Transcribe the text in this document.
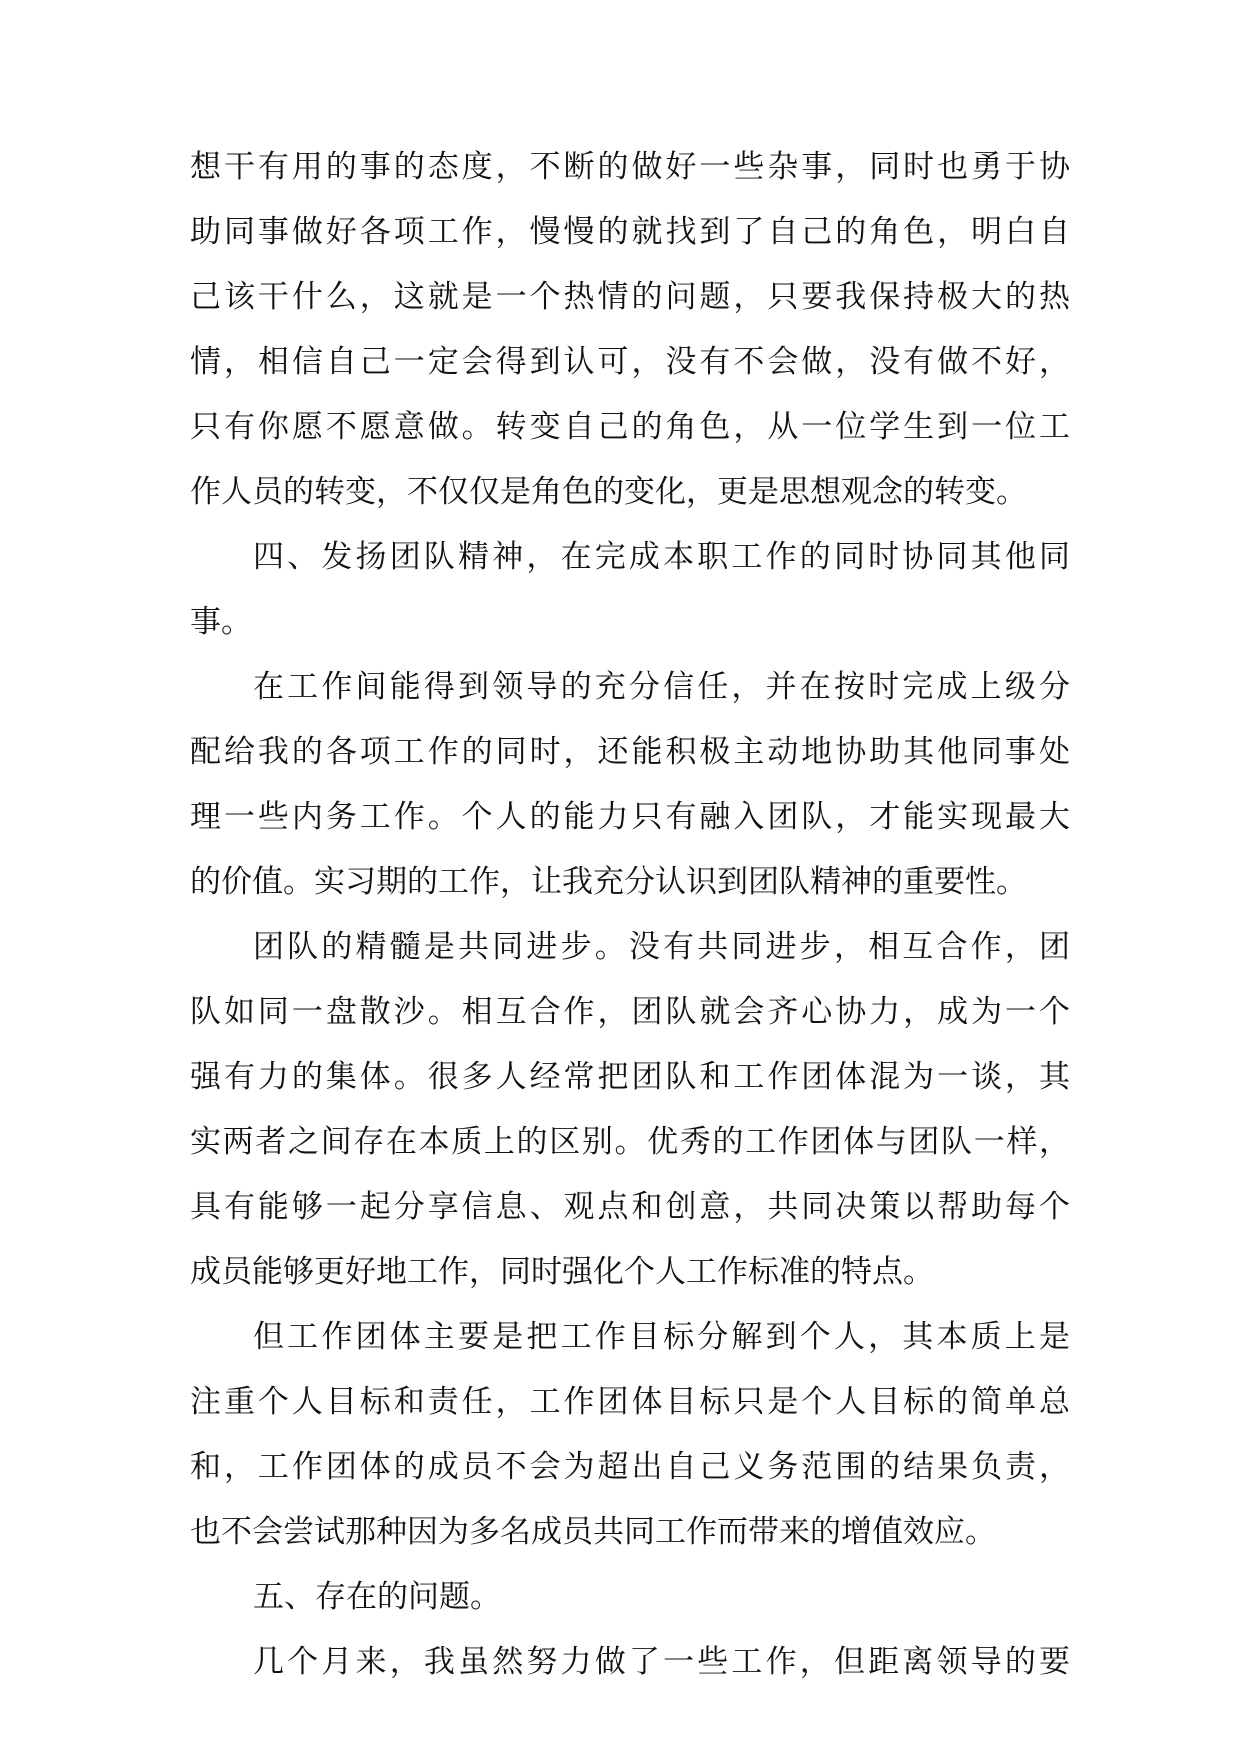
想干有用的事的态度，不断的做好一些杂事，同时也勇于协

助同事做好各项工作，慢慢的就找到了自己的角色，明白自

己该干什么，这就是一个热情的问题，只要我保持极大的热

情，相信自己一定会得到认可，没有不会做，没有做不好，

只有你愿不愿意做。转变自己的角色，从一位学生到一位工

作人员的转变，不仅仅是角色的变化，更是思想观念的转变。

四、发扬团队精神，在完成本职工作的同时协同其他同

事。

在工作间能得到领导的充分信任，并在按时完成上级分

配给我的各项工作的同时，还能积极主动地协助其他同事处

理一些内务工作。个人的能力只有融入团队，才能实现最大

的价值。实习期的工作，让我充分认识到团队精神的重要性。

团队的精髓是共同进步。没有共同进步，相互合作，团

队如同一盘散沙。相互合作，团队就会齐心协力，成为一个

强有力的集体。很多人经常把团队和工作团体混为一谈，其

实两者之间存在本质上的区别。优秀的工作团体与团队一样，

具有能够一起分享信息、观点和创意，共同决策以帮助每个

成员能够更好地工作，同时强化个人工作标准的特点。

但工作团体主要是把工作目标分解到个人，其本质上是

注重个人目标和责任，工作团体目标只是个人目标的简单总

和，工作团体的成员不会为超出自己义务范围的结果负责，

也不会尝试那种因为多名成员共同工作而带来的增值效应。

五、存在的问题。

几个月来，我虽然努力做了一些工作，但距离领导的要
